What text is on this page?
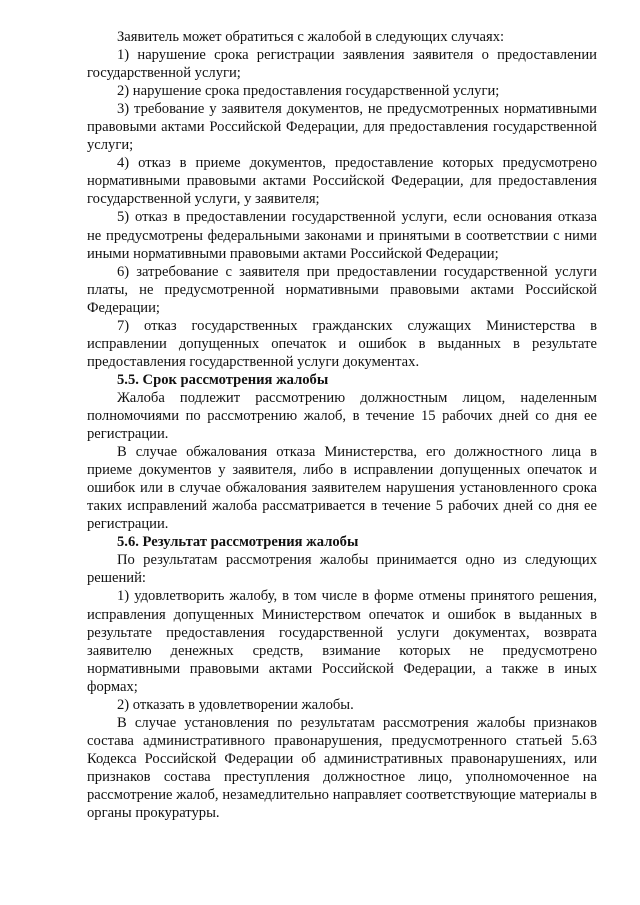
Заявитель может обратиться с жалобой в следующих случаях:

1) нарушение срока регистрации заявления заявителя о предоставлении государственной услуги;

2) нарушение срока предоставления государственной услуги;

3) требование у заявителя документов, не предусмотренных нормативными правовыми актами Российской Федерации, для предоставления государственной услуги;

4) отказ в приеме документов, предоставление которых предусмотрено нормативными правовыми актами Российской Федерации, для предоставления государственной услуги, у заявителя;

5) отказ в предоставлении государственной услуги, если основания отказа не предусмотрены федеральными законами и принятыми в соответствии с ними иными нормативными правовыми актами Российской Федерации;

6) затребование с заявителя при предоставлении государственной услуги платы, не предусмотренной нормативными правовыми актами Российской Федерации;

7) отказ государственных гражданских служащих Министерства в исправлении допущенных опечаток и ошибок в выданных в результате предоставления государственной услуги документах.

5.5. Срок рассмотрения жалобы

Жалоба подлежит рассмотрению должностным лицом, наделенным полномочиями по рассмотрению жалоб, в течение 15 рабочих дней со дня ее регистрации.

В случае обжалования отказа Министерства, его должностного лица в приеме документов у заявителя, либо в исправлении допущенных опечаток и ошибок или в случае обжалования заявителем нарушения установленного срока таких исправлений жалоба рассматривается в течение 5 рабочих дней со дня ее регистрации.

5.6. Результат рассмотрения жалобы

По результатам рассмотрения жалобы принимается одно из следующих решений:

1) удовлетворить жалобу, в том числе в форме отмены принятого решения, исправления допущенных Министерством опечаток и ошибок в выданных в результате предоставления государственной услуги документах, возврата заявителю денежных средств, взимание которых не предусмотрено нормативными правовыми актами Российской Федерации, а также в иных формах;

2) отказать в удовлетворении жалобы.

В случае установления по результатам рассмотрения жалобы признаков состава административного правонарушения, предусмотренного статьей 5.63 Кодекса Российской Федерации об административных правонарушениях, или признаков состава преступления должностное лицо, уполномоченное на рассмотрение жалоб, незамедлительно направляет соответствующие материалы в органы прокуратуры.
